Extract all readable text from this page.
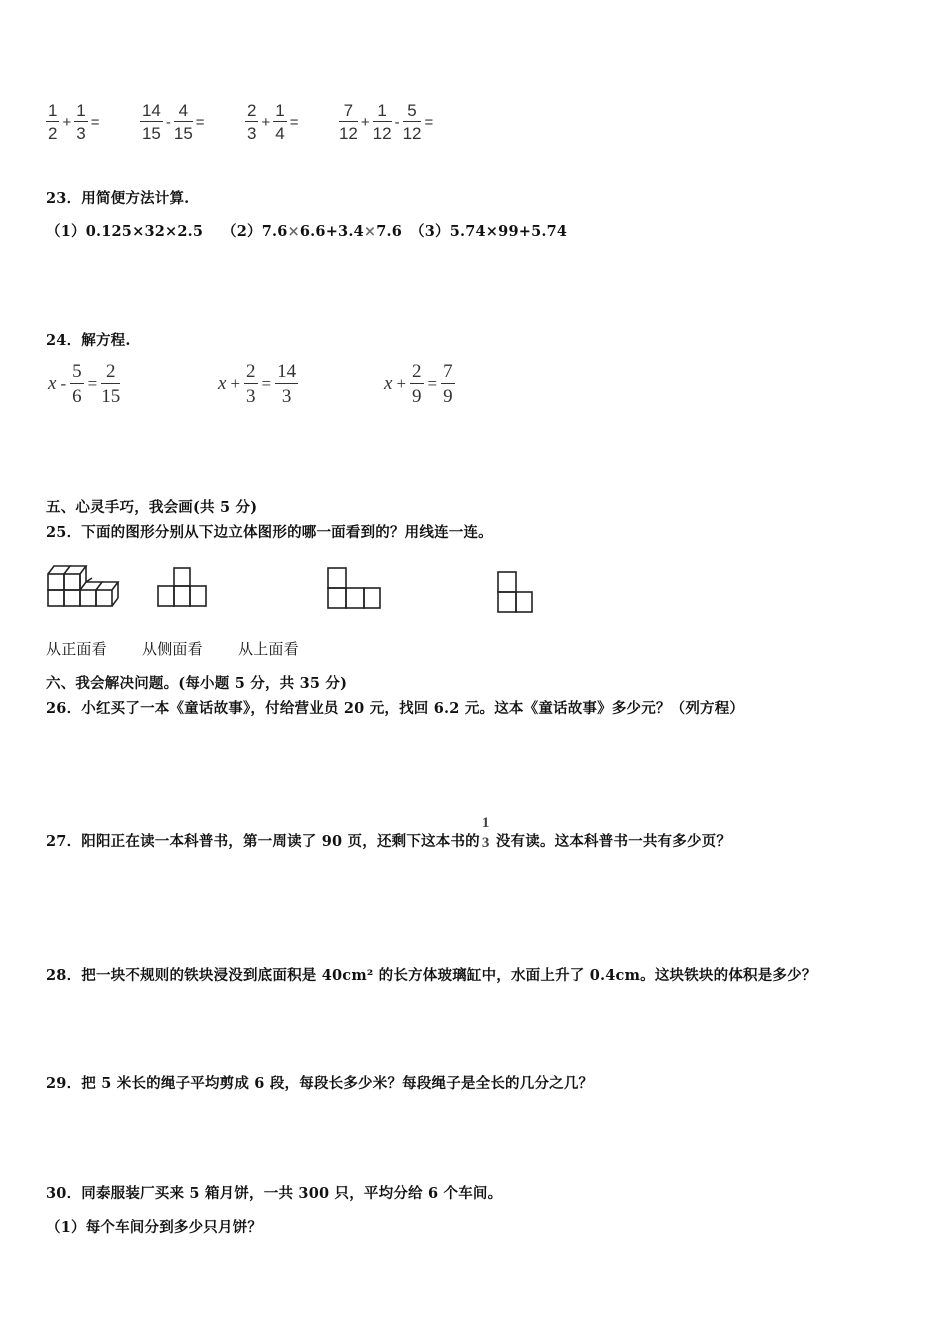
$\frac{1}{2} + \frac{1}{3} = \frac{14}{15} - \frac{4}{15} = \frac{2}{3} + \frac{1}{4} = \frac{7}{12} + \frac{1}{12} - \frac{5}{12}$ =
23．用简便方法计算.
（1）0.125×32×2.5 （2）7.6×6.6+3.4×7.6 （3）5.74×99+5.74
24．解方程.
$x - \frac{5}{6} = \frac{2}{15}$	$x + \frac{2}{3} = \frac{14}{3}$	$x + \frac{2}{9} = \frac{7}{9}$
五、心灵手巧，我会画(共 5 分)
25．下面的图形分别从下边立体图形的哪一面看到的？用线连一连。
从正面看 从侧面看 从上面看
六、我会解决问题。(每小题 5 分，共 35 分)
26．小红买了一本《童话故事》，付给营业员 20 元，找回 6.2 元。这本《童话故事》多少元？（列方程）
27．阳阳正在读一本科普书，第一周读了 90 页，还剩下这本书的
1
3 没有读。这本科普书一共有多少页？
28．把一块不规则的铁块浸没到底面积是 40cm² 的长方体玻璃缸中，水面上升了 0.4cm。这块铁块的体积是多少？
29．把 5 米长的绳子平均剪成 6 段，每段长多少米？每段绳子是全长的几分之几？
30．同泰服装厂买来 5 箱月饼，一共 300 只，平均分给 6 个车间。
（1）每个车间分到多少只月饼？
